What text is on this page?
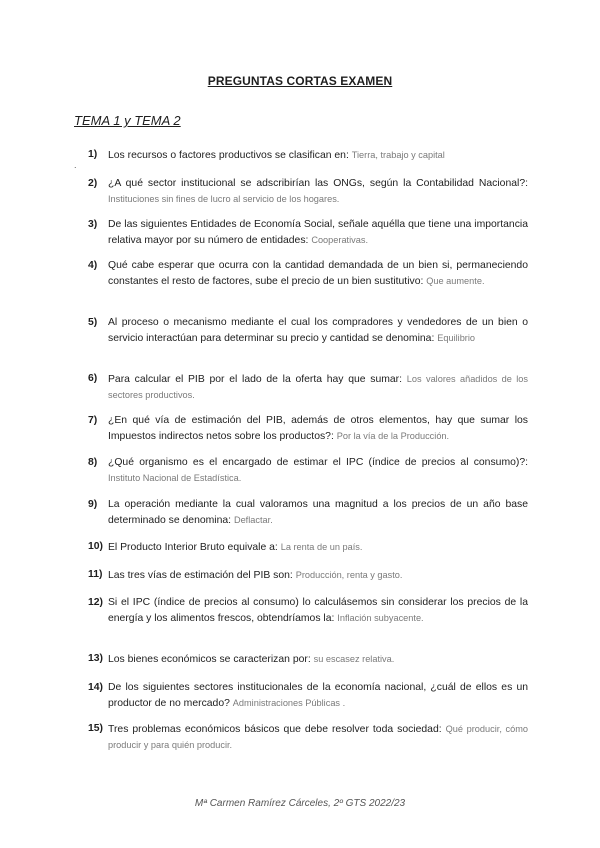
PREGUNTAS CORTAS EXAMEN
TEMA 1 y TEMA 2
.
1) Los recursos o factores productivos se clasifican en: Tierra, trabajo y capital
2) ¿A qué sector institucional se adscribirían las ONGs, según la Contabilidad Nacional?: Instituciones sin fines de lucro al servicio de los hogares.
3) De las siguientes Entidades de Economía Social, señale aquélla que tiene una importancia relativa mayor por su número de entidades: Cooperativas.
4) Qué cabe esperar que ocurra con la cantidad demandada de un bien si, permaneciendo constantes el resto de factores, sube el precio de un bien sustitutivo: Que aumente.
5) Al proceso o mecanismo mediante el cual los compradores y vendedores de un bien o servicio interactúan para determinar su precio y cantidad se denomina: Equilibrio
6) Para calcular el PIB por el lado de la oferta hay que sumar: Los valores añadidos de los sectores productivos.
7) ¿En qué vía de estimación del PIB, además de otros elementos, hay que sumar los Impuestos indirectos netos sobre los productos?: Por la vía de la Producción.
8) ¿Qué organismo es el encargado de estimar el IPC (índice de precios al consumo)?: Instituto Nacional de Estadística.
9) La operación mediante la cual valoramos una magnitud a los precios de un año base determinado se denomina: Deflactar.
10) El Producto Interior Bruto equivale a: La renta de un país.
11) Las tres vías de estimación del PIB son: Producción, renta y gasto.
12) Si el IPC (índice de precios al consumo) lo calculásemos sin considerar los precios de la energía y los alimentos frescos, obtendríamos la: Inflación subyacente.
13) Los bienes económicos se caracterizan por: su escasez relativa.
14) De los siguientes sectores institucionales de la economía nacional, ¿cuál de ellos es un productor de no mercado? Administraciones Públicas .
15) Tres problemas económicos básicos que debe resolver toda sociedad: Qué producir, cómo producir y para quién producir.
Mª Carmen Ramírez Cárceles, 2º GTS 2022/23
